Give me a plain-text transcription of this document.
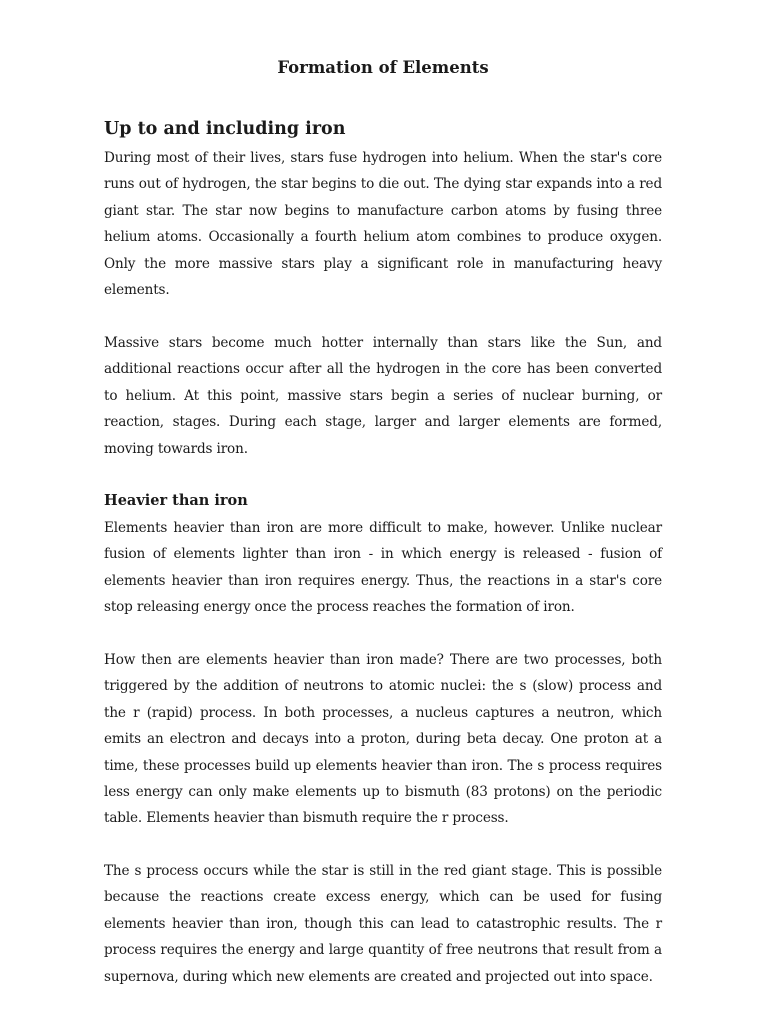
Formation of Elements
Up to and including iron

During most of their lives, stars fuse hydrogen into helium. When the star's core runs out of hydrogen, the star begins to die out. The dying star expands into a red giant star. The star now begins to manufacture carbon atoms by fusing three helium atoms. Occasionally a fourth helium atom combines to produce oxygen. Only the more massive stars play a significant role in manufacturing heavy elements.

Massive stars become much hotter internally than stars like the Sun, and additional reactions occur after all the hydrogen in the core has been converted to helium. At this point, massive stars begin a series of nuclear burning, or reaction, stages. During each stage, larger and larger elements are formed, moving towards iron.

Heavier than iron

Elements heavier than iron are more difficult to make, however. Unlike nuclear fusion of elements lighter than iron - in which energy is released - fusion of elements heavier than iron requires energy. Thus, the reactions in a star's core stop releasing energy once the process reaches the formation of iron.

How then are elements heavier than iron made? There are two processes, both triggered by the addition of neutrons to atomic nuclei: the s (slow) process and the r (rapid) process. In both processes, a nucleus captures a neutron, which emits an electron and decays into a proton, during beta decay. One proton at a time, these processes build up elements heavier than iron. The s process requires less energy can only make elements up to bismuth (83 protons) on the periodic table. Elements heavier than bismuth require the r process.

The s process occurs while the star is still in the red giant stage. This is possible because the reactions create excess energy, which can be used for fusing elements heavier than iron, though this can lead to catastrophic results. The r process requires the energy and large quantity of free neutrons that result from a supernova, during which new elements are created and projected out into space.
